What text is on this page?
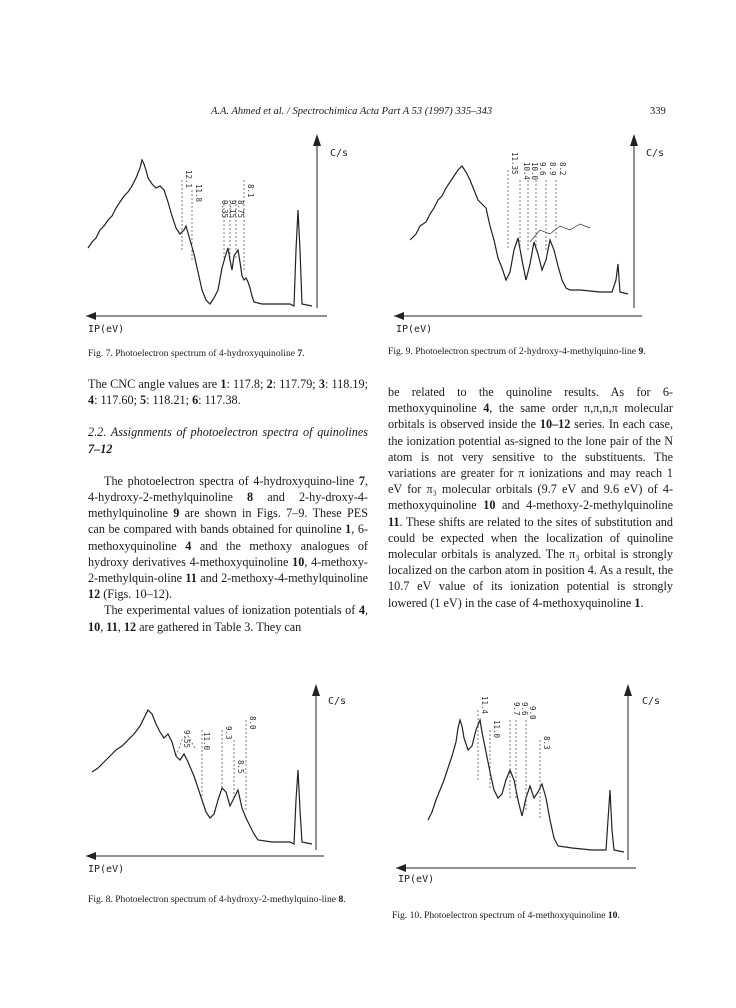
A.A. Ahmed et al. / Spectrochimica Acta Part A 53 (1997) 335–343	339
C/s
IP(eV)
12.1
11.8
9.35 9.15 8.75
8.1
Fig. 7. Photoelectron spectrum of 4-hydroxyquinoline 7.
C/s
IP(eV)
11.35 10.4 10.0 9.6 8.9 8.2
Fig. 9. Photoelectron spectrum of 2-hydroxy-4-methylquino-line 9.

The CNC angle values are 1: 117.8; 2: 117.79; 3: 118.19; 4: 117.60; 5: 118.21; 6: 117.38.

2.2. Assignments of photoelectron spectra of quinolines 7–12

The photoelectron spectra of 4-hydroxyquino-line 7, 4-hydroxy-2-methylquinoline 8 and 2-hy-droxy-4-methylquinoline 9 are shown in Figs. 7–9. These PES can be compared with bands obtained for quinoline 1, 6-methoxyquinoline 4 and the methoxy analogues of hydroxy derivatives 4-methoxyquinoline 10, 4-methoxy-2-methylquin-oline 11 and 2-methoxy-4-methylquinoline 12 (Figs. 10–12).

The experimental values of ionization potentials of 4, 10, 11, 12 are gathered in Table 3. They can

be related to the quinoline results. As for 6-methoxyquinoline 4, the same order π,π,n,π molecular orbitals is observed inside the 10–12 series. In each case, the ionization potential as-signed to the lone pair of the N atom is not very sensitive to the substituents. The variations are greater for π ionizations and may reach 1 eV for π₃ molecular orbitals (9.7 eV and 9.6 eV) of 4-methoxyquinoline 10 and 4-methoxy-2-methylquinoline 11. These shifts are related to the sites of substitution and could be expected when the localization of quinoline molecular orbitals is analyzed. The π₃ orbital is strongly localized on the carbon atom in position 4. As a result, the 10.7 eV value of its ionization potential is strongly lowered (1 eV) in the case of 4-methoxyquinoline 1.

C/s
IP(eV)
9.55 11.0 9.3
8.5
8.0
Fig. 8. Photoelectron spectrum of 4-hydroxy-2-methylquino-line 8.
C/s
IP(eV)
11.4
11.0
9.7 9.6 9.0
8.3
Fig. 10. Photoelectron spectrum of 4-methoxyquinoline 10.
